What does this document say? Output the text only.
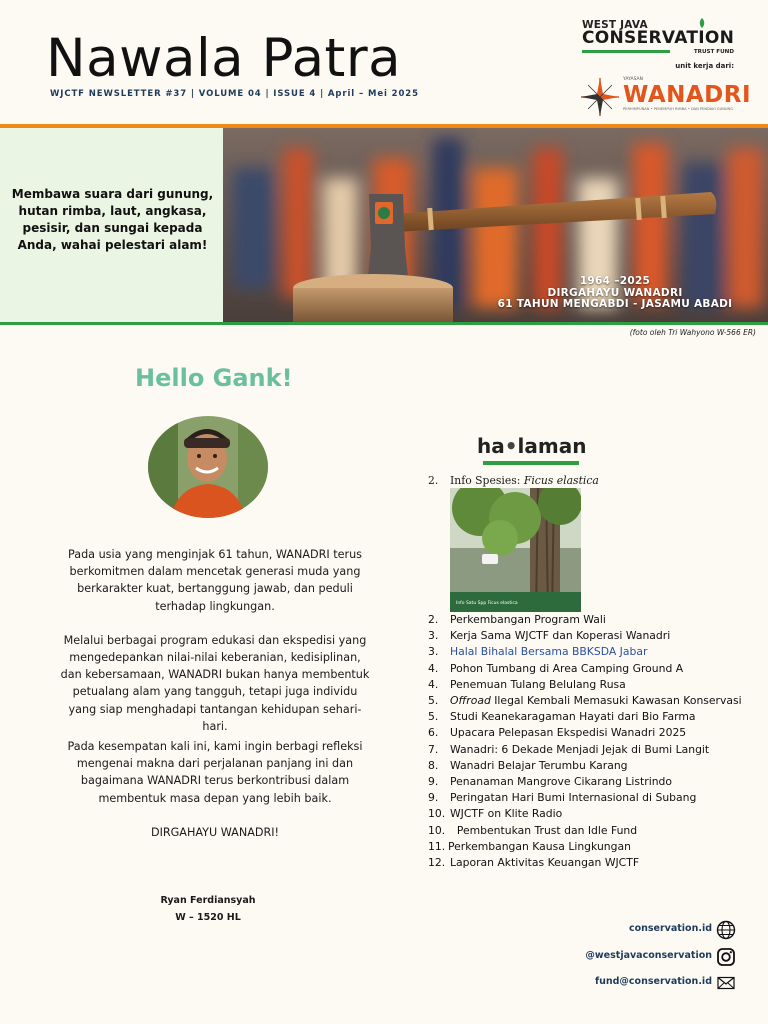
Nawala Patra
WJCTF NEWSLETTER #37 | VOLUME 04 | ISSUE 4 | April – Mei 2025
WEST JAVA
CONSERVATION
TRUST FUND
unit kerja dari:
YAYASAN
WANADRI
PERHIMPUNAN • PENEMPUH RIMBA • DAN PENDAKI GUNUNG
Membawa suara dari gunung, hutan rimba, laut, angkasa, pesisir, dan sungai kepada Anda, wahai pelestari alam!
1964 –2025
DIRGAHAYU WANADRI
61 TAHUN MENGABDI - JASAMU ABADI
(foto oleh Tri Wahyono W-566 ER)
Hello Gank!

Pada usia yang menginjak 61 tahun, WANADRI terus berkomitmen dalam mencetak generasi muda yang berkarakter kuat, bertanggung jawab, dan peduli terhadap lingkungan.

Melalui berbagai program edukasi dan ekspedisi yang mengedepankan nilai-nilai keberanian, kedisiplinan, dan kebersamaan, WANADRI bukan hanya membentuk petualang alam yang tangguh, tetapi juga individu yang siap menghadapi tantangan kehidupan sehari-hari.

Pada kesempatan kali ini, kami ingin berbagi refleksi mengenai makna dari perjalanan panjang ini dan bagaimana WANADRI terus berkontribusi dalam membentuk masa depan yang lebih baik.

DIRGAHAYU WANADRI!

Ryan Ferdiansyah
W – 1520 HL
ha•laman
2. Info Spesies: Ficus elastica
Info Satu Spp Ficus elastica
2. Perkembangan Program Wali
3. Kerja Sama WJCTF dan Koperasi Wanadri
3. Halal Bihalal Bersama BBKSDA Jabar
4. Pohon Tumbang di Area Camping Ground A
4. Penemuan Tulang Belulang Rusa
5. Offroad Ilegal Kembali Memasuki Kawasan Konservasi
5. Studi Keanekaragaman Hayati dari Bio Farma
6. Upacara Pelepasan Ekspedisi Wanadri 2025
7. Wanadri: 6 Dekade Menjadi Jejak di Bumi Langit
8. Wanadri Belajar Terumbu Karang
9. Penanaman Mangrove Cikarang Listrindo
9. Peringatan Hari Bumi Internasional di Subang
10. WJCTF on Klite Radio
10.  Pembentukan Trust dan Idle Fund
11. Perkembangan Kausa Lingkungan
12. Laporan Aktivitas Keuangan WJCTF
conservation.id
@westjavaconservation
fund@conservation.id
